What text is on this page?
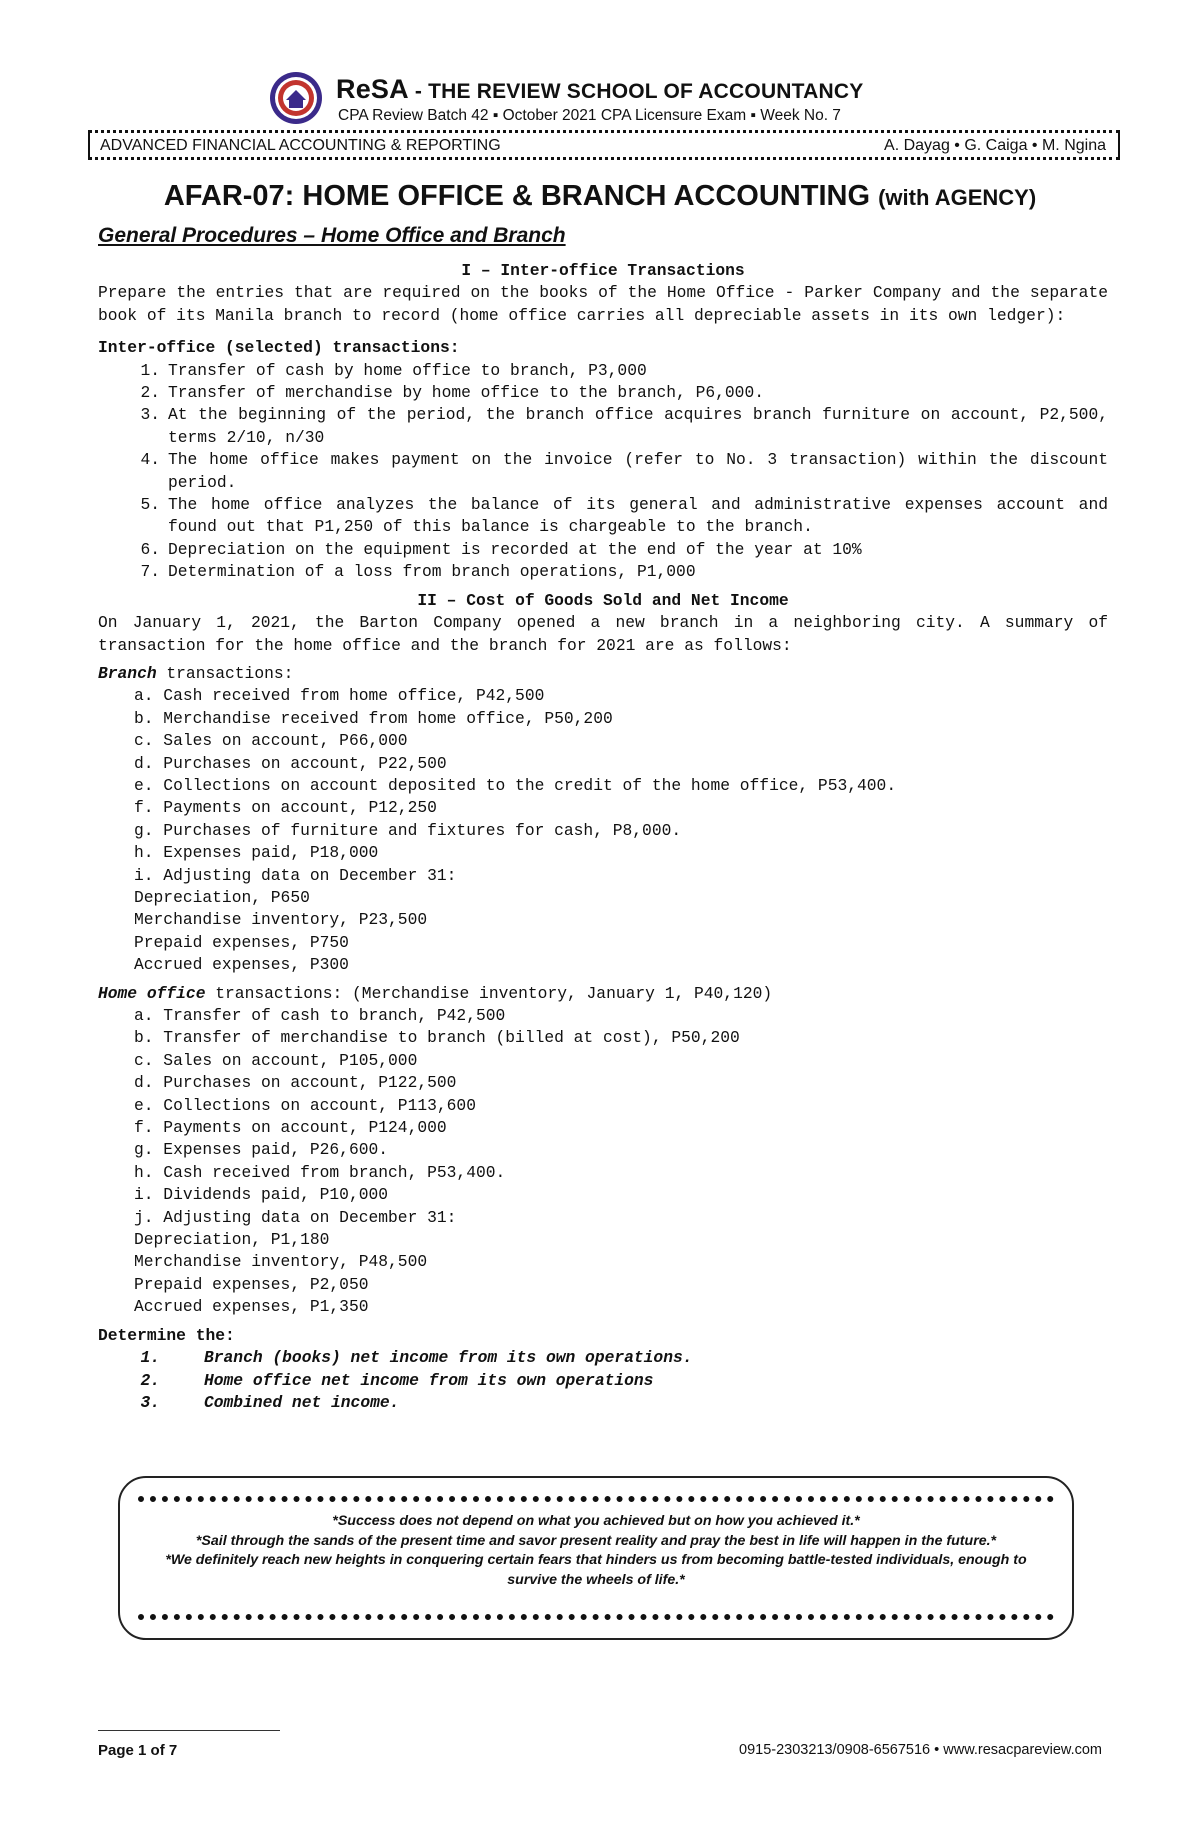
ReSA - THE REVIEW SCHOOL OF ACCOUNTANCY
CPA Review Batch 42 ▪ October 2021 CPA Licensure Exam ▪ Week No. 7
ADVANCED FINANCIAL ACCOUNTING & REPORTING	A. Dayag • G. Caiga • M. Ngina
AFAR-07: HOME OFFICE & BRANCH ACCOUNTING (with AGENCY)
General Procedures – Home Office and Branch
I – Inter-office Transactions
Prepare the entries that are required on the books of the Home Office - Parker Company and the separate book of its Manila branch to record (home office carries all depreciable assets in its own ledger):
Inter-office (selected) transactions:
1. Transfer of cash by home office to branch, P3,000
2. Transfer of merchandise by home office to the branch, P6,000.
3. At the beginning of the period, the branch office acquires branch furniture on account, P2,500, terms 2/10, n/30
4. The home office makes payment on the invoice (refer to No. 3 transaction) within the discount period.
5. The home office analyzes the balance of its general and administrative expenses account and found out that P1,250 of this balance is chargeable to the branch.
6. Depreciation on the equipment is recorded at the end of the year at 10%
7. Determination of a loss from branch operations, P1,000
II – Cost of Goods Sold and Net Income
On January 1, 2021, the Barton Company opened a new branch in a neighboring city. A summary of transaction for the home office and the branch for 2021 are as follows:
Branch transactions:
a. Cash received from home office, P42,500
b. Merchandise received from home office, P50,200
c. Sales on account, P66,000
d. Purchases on account, P22,500
e. Collections on account deposited to the credit of the home office, P53,400.
f. Payments on account, P12,250
g. Purchases of furniture and fixtures for cash, P8,000.
h. Expenses paid, P18,000
i. Adjusting data on December 31:
Depreciation, P650
Merchandise inventory, P23,500
Prepaid expenses, P750
Accrued expenses, P300
Home office transactions: (Merchandise inventory, January 1, P40,120)
a. Transfer of cash to branch, P42,500
b. Transfer of merchandise to branch (billed at cost), P50,200
c. Sales on account, P105,000
d. Purchases on account, P122,500
e. Collections on account, P113,600
f. Payments on account, P124,000
g. Expenses paid, P26,600.
h. Cash received from branch, P53,400.
i. Dividends paid, P10,000
j. Adjusting data on December 31:
Depreciation, P1,180
Merchandise inventory, P48,500
Prepaid expenses, P2,050
Accrued expenses, P1,350
Determine the:
1.	Branch (books) net income from its own operations.
2.	Home office net income from its own operations
3.	Combined net income.
*Success does not depend on what you achieved but on how you achieved it.*
*Sail through the sands of the present time and savor present reality and pray the best in life will happen in the future.*
*We definitely reach new heights in conquering certain fears that hinders us from becoming battle-tested individuals, enough to survive the wheels of life.*
Page 1 of 7	0915-2303213/0908-6567516 • www.resacpareview.com
